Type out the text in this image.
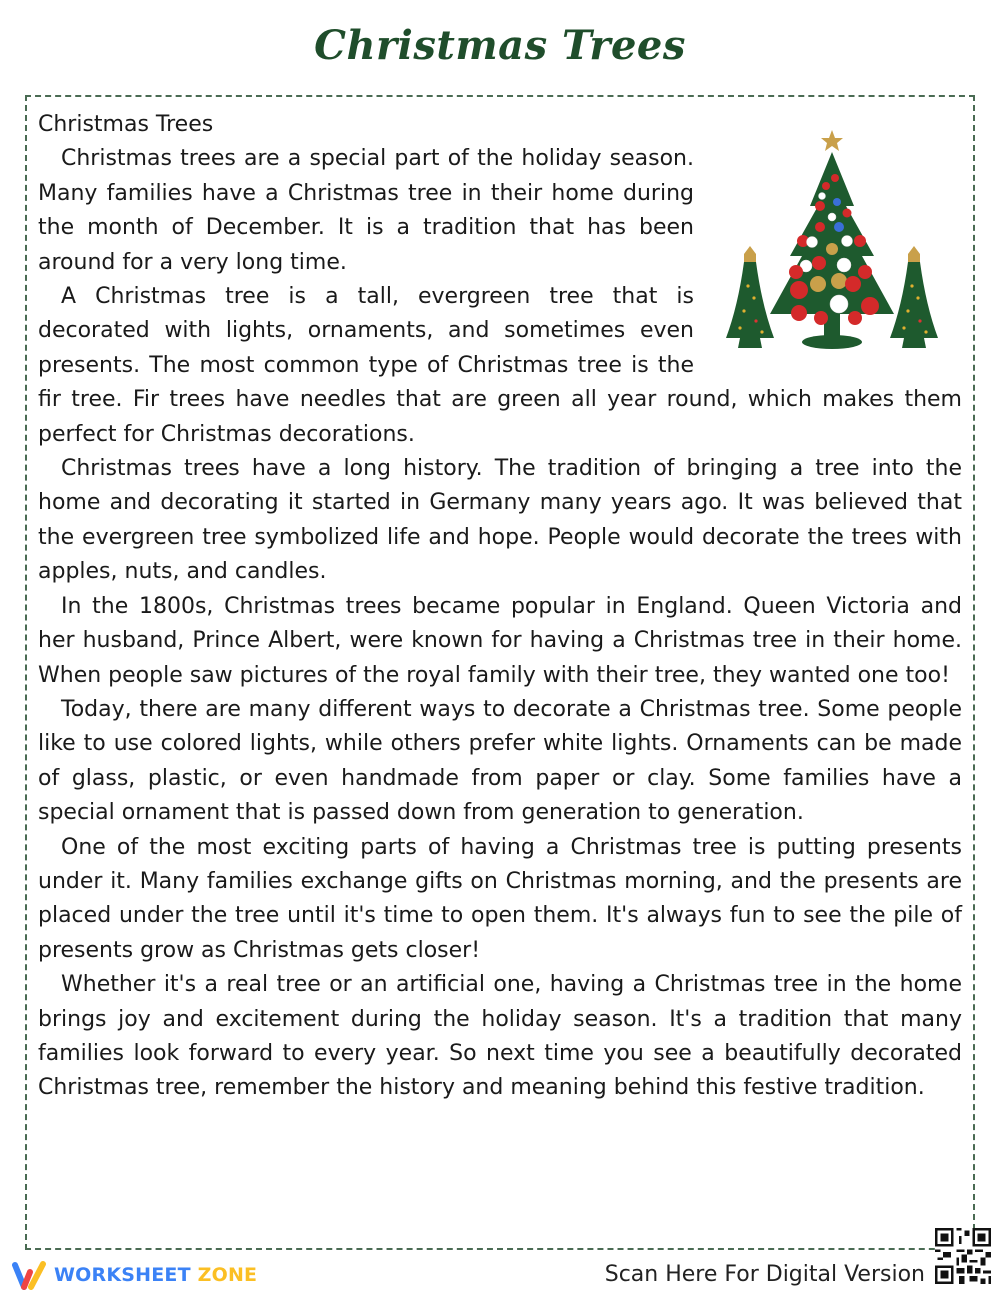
Christmas Trees

Christmas Trees

Christmas trees are a special part of the holiday season. Many families have a Christmas tree in their home during the month of December. It is a tradition that has been around for a very long time.

A Christmas tree is a tall, evergreen tree that is decorated with lights, ornaments, and sometimes even presents. The most common type of Christmas tree is the fir tree. Fir trees have needles that are green all year round, which makes them perfect for Christmas decorations.

Christmas trees have a long history. The tradition of bringing a tree into the home and decorating it started in Germany many years ago. It was believed that the evergreen tree symbolized life and hope. People would decorate the trees with apples, nuts, and candles.

In the 1800s, Christmas trees became popular in England. Queen Victoria and her husband, Prince Albert, were known for having a Christmas tree in their home. When people saw pictures of the royal family with their tree, they wanted one too!

Today, there are many different ways to decorate a Christmas tree. Some people like to use colored lights, while others prefer white lights. Ornaments can be made of glass, plastic, or even handmade from paper or clay. Some families have a special ornament that is passed down from generation to generation.

One of the most exciting parts of having a Christmas tree is putting presents under it. Many families exchange gifts on Christmas morning, and the presents are placed under the tree until it's time to open them. It's always fun to see the pile of presents grow as Christmas gets closer!

Whether it's a real tree or an artificial one, having a Christmas tree in the home brings joy and excitement during the holiday season. It's a tradition that many families look forward to every year. So next time you see a beautifully decorated Christmas tree, remember the history and meaning behind this festive tradition.

WORKSHEET ZONE	Scan Here For Digital Version
